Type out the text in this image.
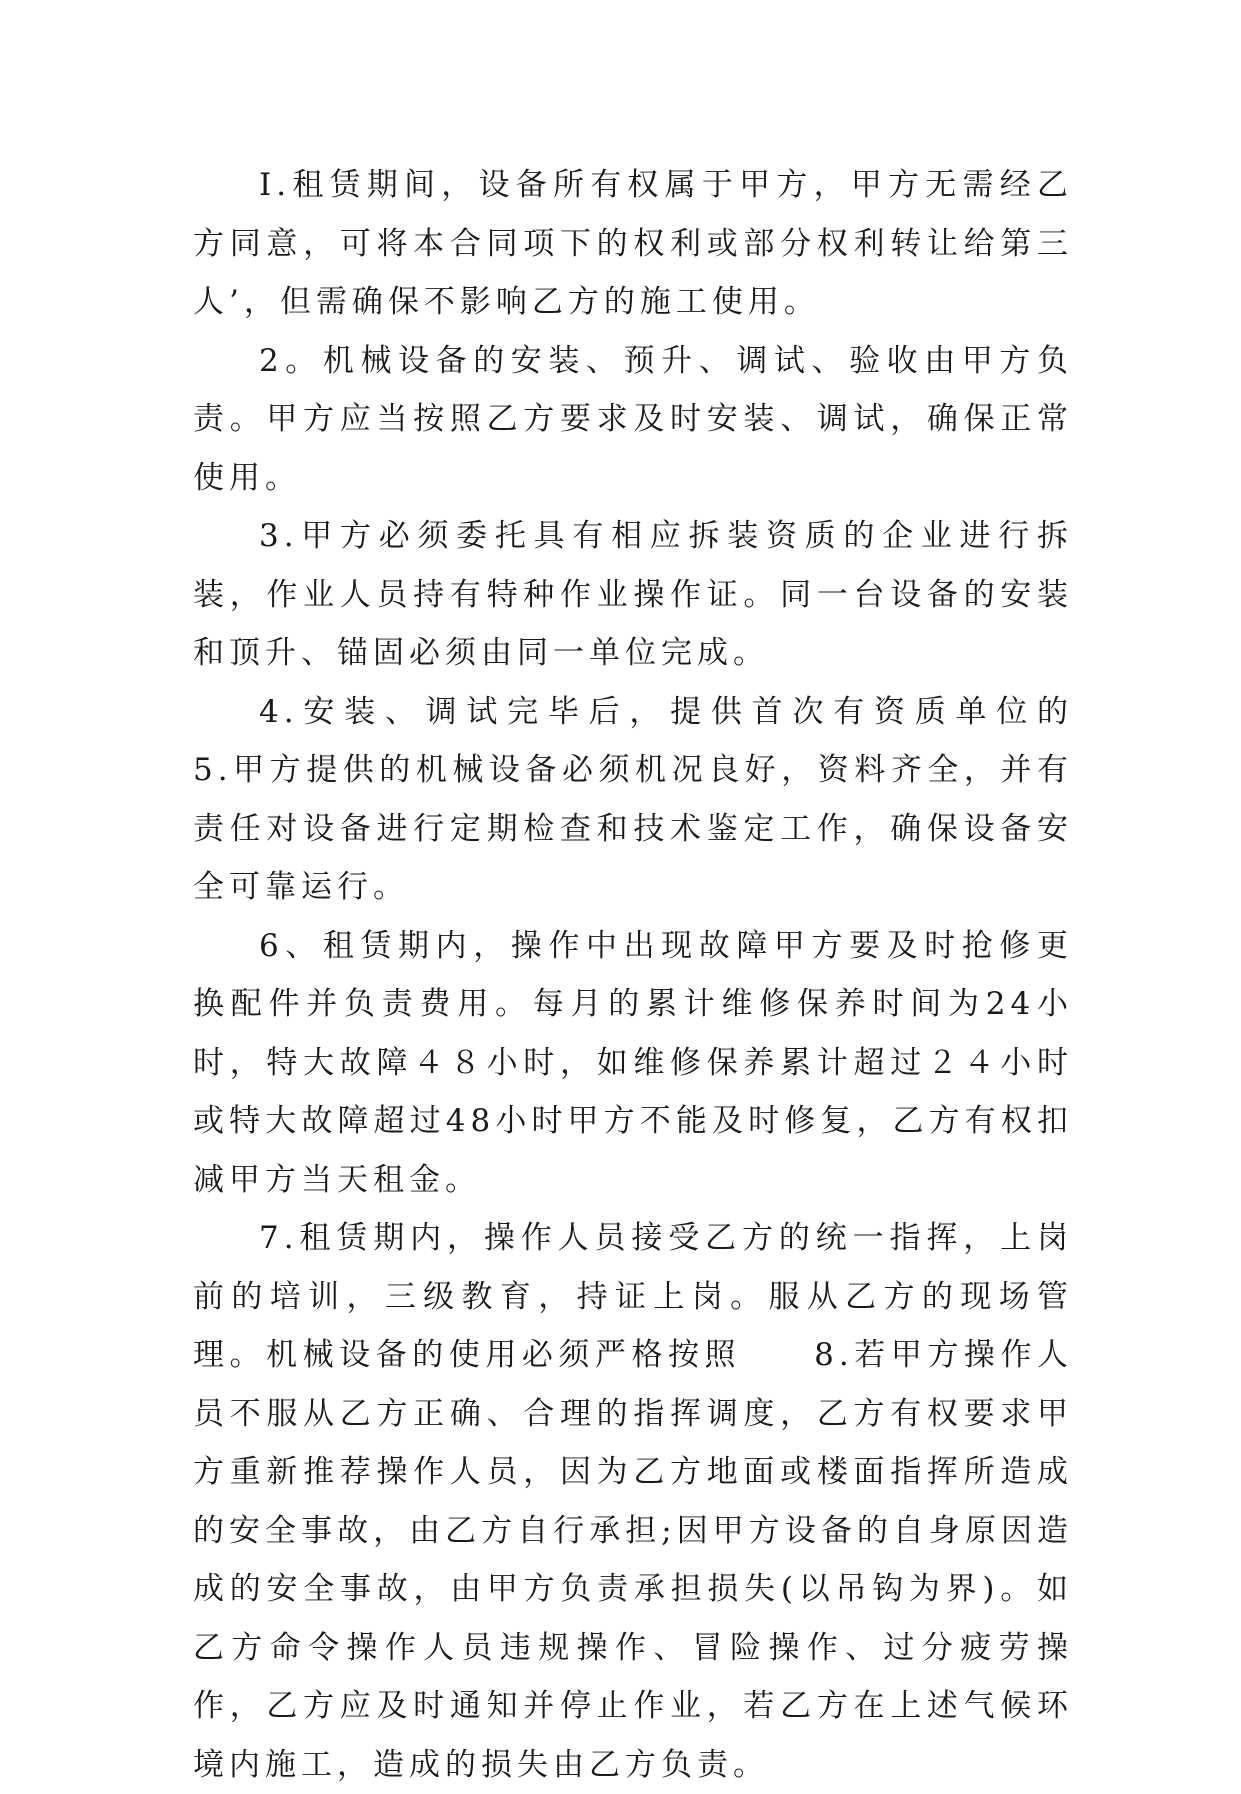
I.租赁期间，设备所有权属于甲方，甲方无需经乙方同意，可将本合同项下的权利或部分权利转让给第三人’，但需确保不影响乙方的施工使用。

2。机械设备的安装、预升、调试、验收由甲方负责。甲方应当按照乙方要求及时安装、调试，确保正常使用。

3.甲方必须委托具有相应拆装资质的企业进行拆装，作业人员持有特种作业操作证。同一台设备的安装和顶升、锚固必须由同一单位完成。

4.安装、调试完毕后，提供首次有资质单位的　　5.甲方提供的机械设备必须机况良好，资料齐全，并有责任对设备进行定期检查和技术鉴定工作，确保设备安全可靠运行。

6、租赁期内，操作中出现故障甲方要及时抢修更换配件并负责费用。每月的累计维修保养时间为24小时，特大故障４８小时，如维修保养累计超过２４小时或特大故障超过48小时甲方不能及时修复，乙方有权扣减甲方当天租金。

7.租赁期内，操作人员接受乙方的统一指挥，上岗前的培训，三级教育，持证上岗。服从乙方的现场管理。机械设备的使用必须严格按照　　8.若甲方操作人员不服从乙方正确、合理的指挥调度，乙方有权要求甲方重新推荐操作人员，因为乙方地面或楼面指挥所造成的安全事故，由乙方自行承担;因甲方设备的自身原因造成的安全事故，由甲方负责承担损失(以吊钩为界)。如乙方命令操作人员违规操作、冒险操作、过分疲劳操作，乙方应及时通知并停止作业，若乙方在上述气候环境内施工，造成的损失由乙方负责。
